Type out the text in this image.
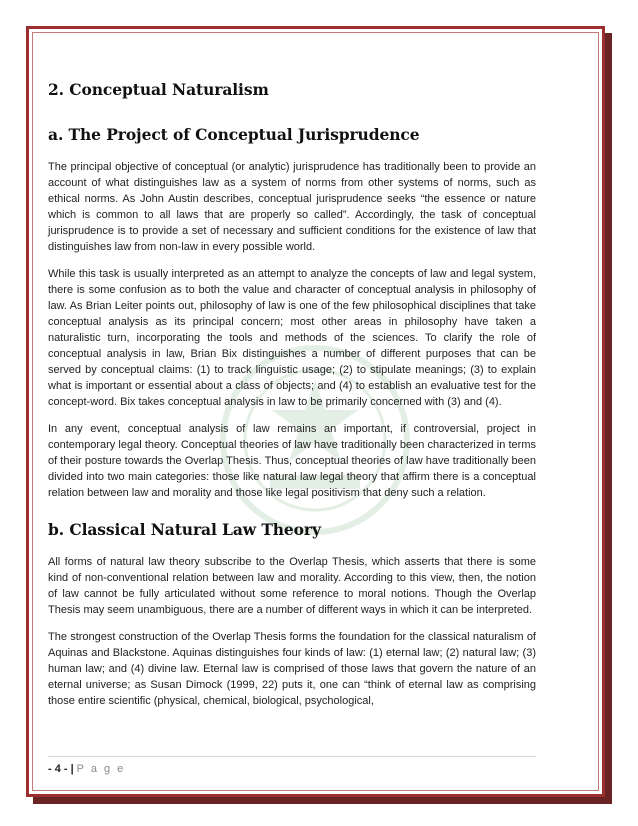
2. Conceptual Naturalism
a. The Project of Conceptual Jurisprudence

The principal objective of conceptual (or analytic) jurisprudence has traditionally been to provide an account of what distinguishes law as a system of norms from other systems of norms, such as ethical norms. As John Austin describes, conceptual jurisprudence seeks “the essence or nature which is common to all laws that are properly so called”. Accordingly, the task of conceptual jurisprudence is to provide a set of necessary and sufficient conditions for the existence of law that distinguishes law from non-law in every possible world.

While this task is usually interpreted as an attempt to analyze the concepts of law and legal system, there is some confusion as to both the value and character of conceptual analysis in philosophy of law. As Brian Leiter points out, philosophy of law is one of the few philosophical disciplines that take conceptual analysis as its principal concern; most other areas in philosophy have taken a naturalistic turn, incorporating the tools and methods of the sciences. To clarify the role of conceptual analysis in law, Brian Bix distinguishes a number of different purposes that can be served by conceptual claims: (1) to track linguistic usage; (2) to stipulate meanings; (3) to explain what is important or essential about a class of objects; and (4) to establish an evaluative test for the concept-word. Bix takes conceptual analysis in law to be primarily concerned with (3) and (4).

In any event, conceptual analysis of law remains an important, if controversial, project in contemporary legal theory. Conceptual theories of law have traditionally been characterized in terms of their posture towards the Overlap Thesis. Thus, conceptual theories of law have traditionally been divided into two main categories: those like natural law legal theory that affirm there is a conceptual relation between law and morality and those like legal positivism that deny such a relation.

b. Classical Natural Law Theory

All forms of natural law theory subscribe to the Overlap Thesis, which asserts that there is some kind of non-conventional relation between law and morality. According to this view, then, the notion of law cannot be fully articulated without some reference to moral notions. Though the Overlap Thesis may seem unambiguous, there are a number of different ways in which it can be interpreted.

The strongest construction of the Overlap Thesis forms the foundation for the classical naturalism of Aquinas and Blackstone. Aquinas distinguishes four kinds of law: (1) eternal law; (2) natural law; (3) human law; and (4) divine law. Eternal law is comprised of those laws that govern the nature of an eternal universe; as Susan Dimock (1999, 22) puts it, one can “think of eternal law as comprising those entire scientific (physical, chemical, biological, psychological,

- 4 - | P a g e
